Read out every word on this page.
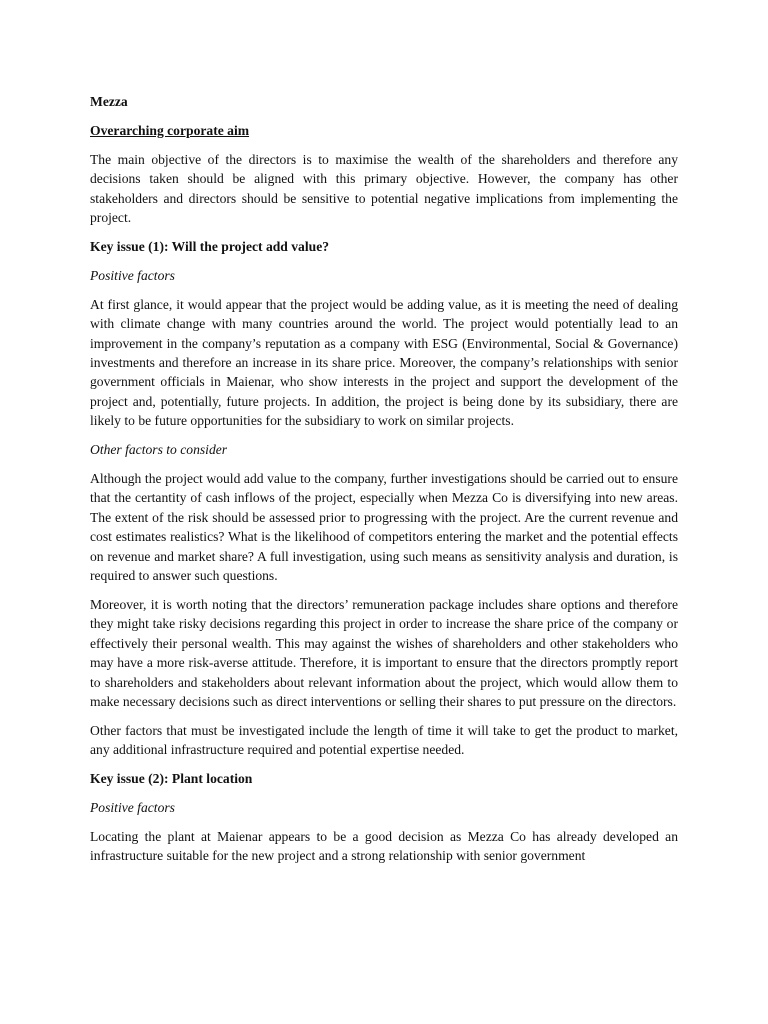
Mezza

Overarching corporate aim

The main objective of the directors is to maximise the wealth of the shareholders and therefore any decisions taken should be aligned with this primary objective. However, the company has other stakeholders and directors should be sensitive to potential negative implications from implementing the project.

Key issue (1): Will the project add value?

Positive factors

At first glance, it would appear that the project would be adding value, as it is meeting the need of dealing with climate change with many countries around the world. The project would potentially lead to an improvement in the company’s reputation as a company with ESG (Environmental, Social & Governance) investments and therefore an increase in its share price. Moreover, the company’s relationships with senior government officials in Maienar, who show interests in the project and support the development of the project and, potentially, future projects. In addition, the project is being done by its subsidiary, there are likely to be future opportunities for the subsidiary to work on similar projects.

Other factors to consider

Although the project would add value to the company, further investigations should be carried out to ensure that the certantity of cash inflows of the project, especially when Mezza Co is diversifying into new areas. The extent of the risk should be assessed prior to progressing with the project. Are the current revenue and cost estimates realistics? What is the likelihood of competitors entering the market and the potential effects on revenue and market share? A full investigation, using such means as sensitivity analysis and duration, is required to answer such questions.

Moreover, it is worth noting that the directors’ remuneration package includes share options and therefore they might take risky decisions regarding this project in order to increase the share price of the company or effectively their personal wealth. This may against the wishes of shareholders and other stakeholders who may have a more risk-averse attitude. Therefore, it is important to ensure that the directors promptly report to shareholders and stakeholders about relevant information about the project, which would allow them to make necessary decisions such as direct interventions or selling their shares to put pressure on the directors.

Other factors that must be investigated include the length of time it will take to get the product to market, any additional infrastructure required and potential expertise needed.

Key issue (2): Plant location

Positive factors

Locating the plant at Maienar appears to be a good decision as Mezza Co has already developed an infrastructure suitable for the new project and a strong relationship with senior government
